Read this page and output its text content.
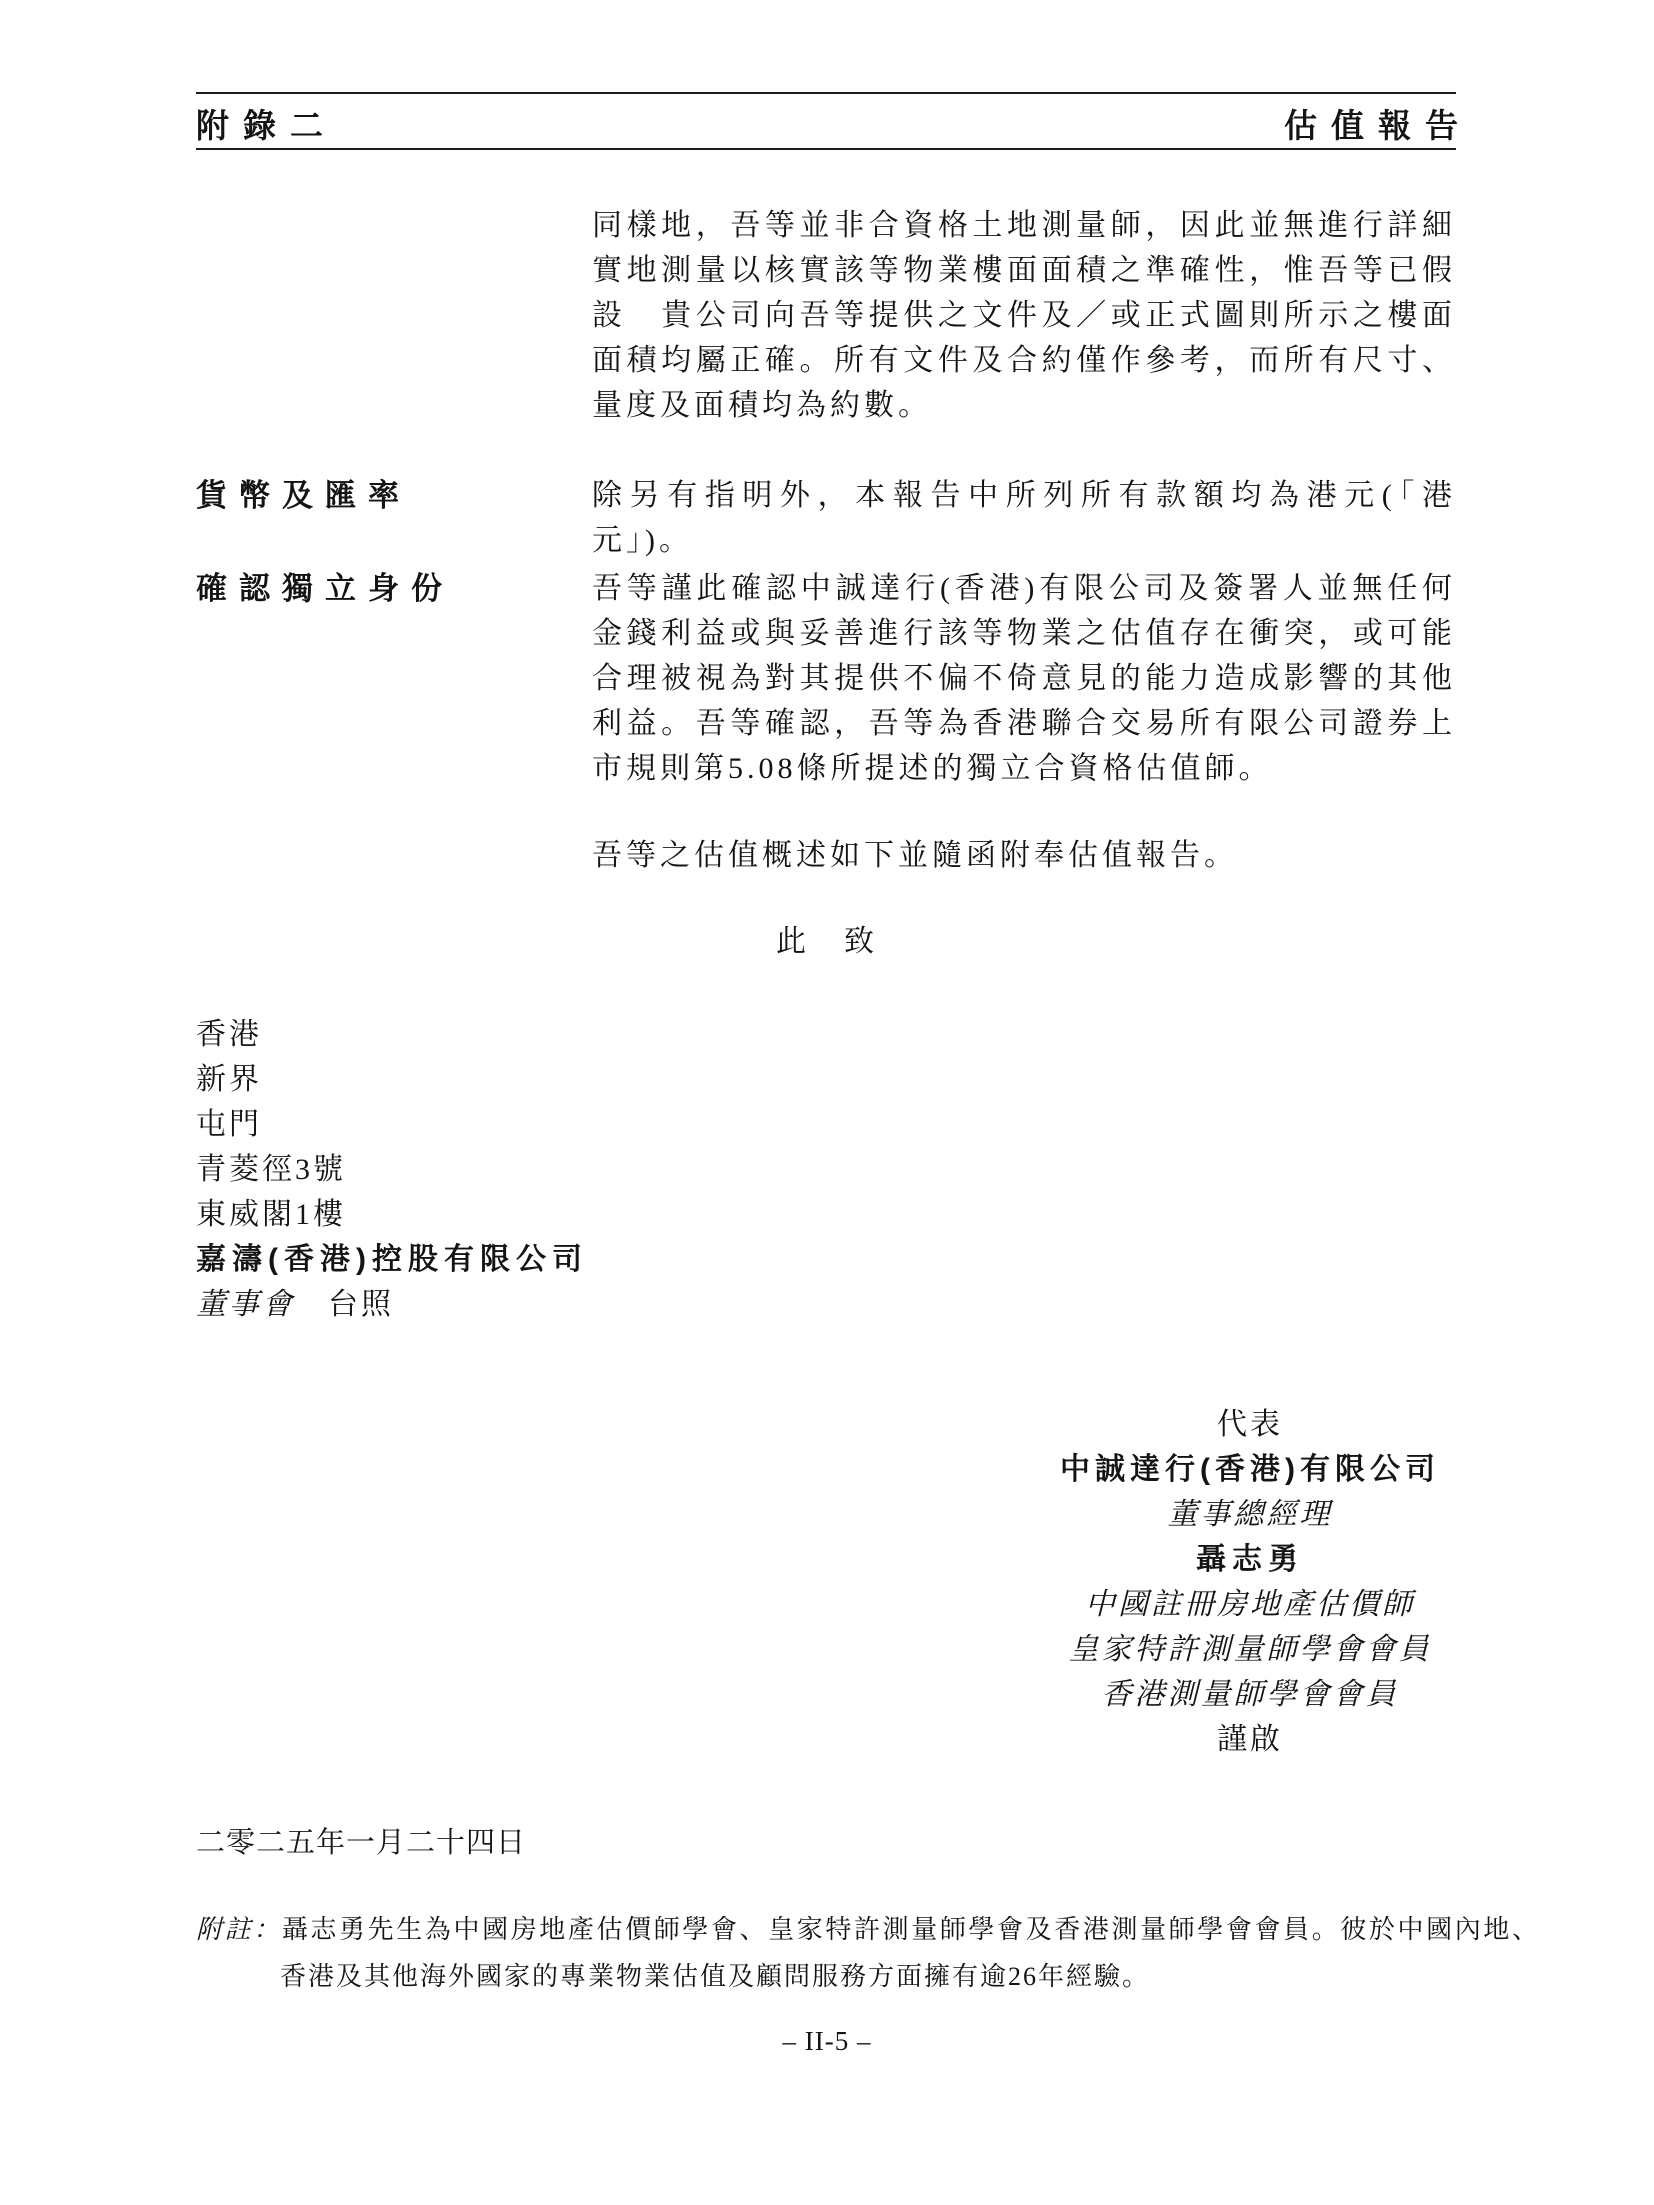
附錄二	估值報告
同樣地，吾等並非合資格土地測量師，因此並無進行詳細實地測量以核實該等物業樓面面積之準確性，惟吾等已假設　貴公司向吾等提供之文件及／或正式圖則所示之樓面面積均屬正確。所有文件及合約僅作參考，而所有尺寸、量度及面積均為約數。
貨幣及匯率	除另有指明外，本報告中所列所有款額均為港元(「港元」)。
確認獨立身份	吾等謹此確認中誠達行(香港)有限公司及簽署人並無任何金錢利益或與妥善進行該等物業之估值存在衝突，或可能合理被視為對其提供不偏不倚意見的能力造成影響的其他利益。吾等確認，吾等為香港聯合交易所有限公司證券上市規則第5.08條所提述的獨立合資格估值師。
吾等之估值概述如下並隨函附奉估值報告。
此　致
香港
新界
屯門
青菱徑3號
東威閣1樓
嘉濤(香港)控股有限公司
董事會　台照
代表
中誠達行(香港)有限公司
董事總經理
聶志勇
中國註冊房地產估價師
皇家特許測量師學會會員
香港測量師學會會員
謹啟
二零二五年一月二十四日
附註：聶志勇先生為中國房地產估價師學會、皇家特許測量師學會及香港測量師學會會員。彼於中國內地、香港及其他海外國家的專業物業估值及顧問服務方面擁有逾26年經驗。
– II-5 –
